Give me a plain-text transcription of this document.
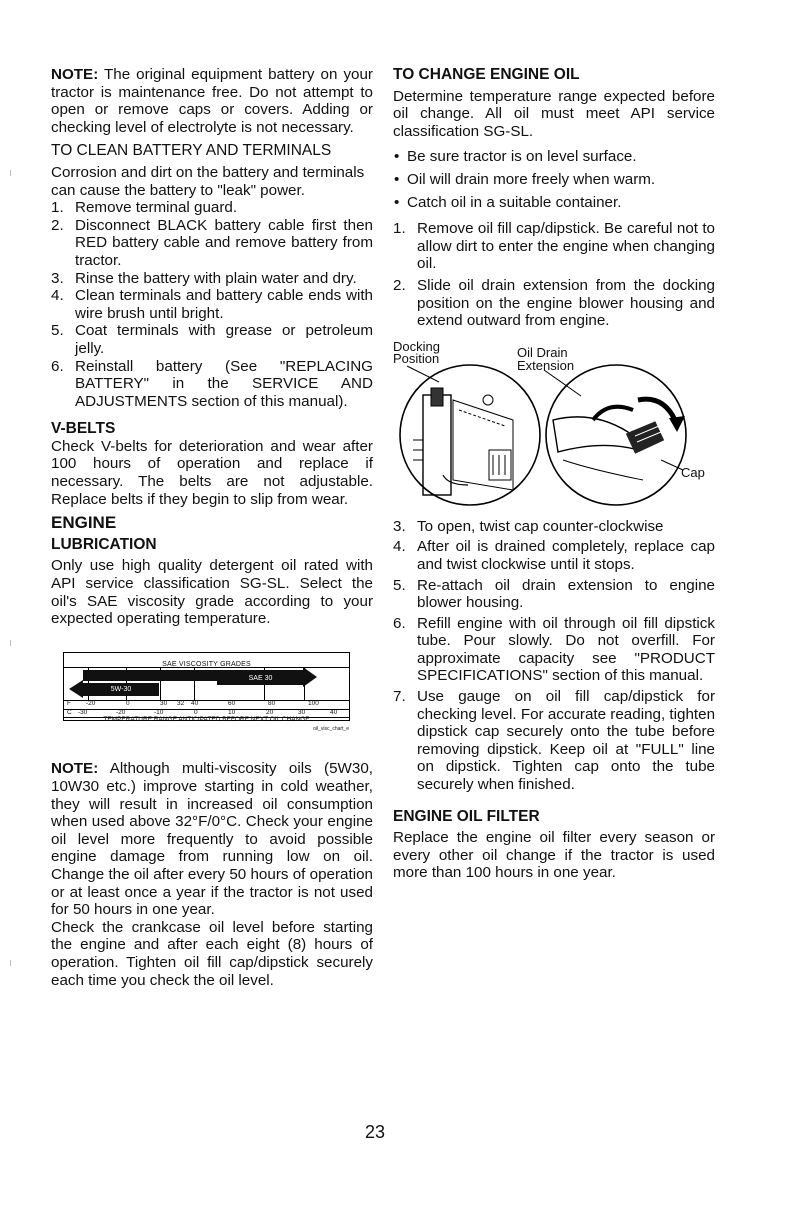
NOTE: The original equipment battery on your tractor is maintenance free. Do not attempt to open or remove caps or covers. Adding or checking level of electrolyte is not necessary.

TO CLEAN BATTERY AND TERMINALS

Corrosion and dirt on the battery and terminals can cause the battery to "leak" power.

1. Remove terminal guard.
2. Disconnect BLACK battery cable first then RED battery cable and remove battery from tractor.
3. Rinse the battery with plain water and dry.
4. Clean terminals and battery cable ends with wire brush until bright.
5. Coat terminals with grease or petroleum jelly.
6. Reinstall battery (See "REPLACING BATTERY" in the SERVICE AND ADJUSTMENTS section of this manual).

V-BELTS

Check V-belts for deterioration and wear after 100 hours of operation and replace if necessary. The belts are not adjustable. Replace belts if they begin to slip from wear.

ENGINE

LUBRICATION

Only use high quality detergent oil rated with API service classification SG-SL. Select the oil's SAE viscosity grade according to your expected operating temperature.

SAE VISCOSITY GRADES
5W-30
SAE 30
F -20	0	30 32 40	60	80	100
C -30	-20	-10	0	10	20	30	40
TEMPERATURE RANGE ANTICIPATED BEFORE NEXT OIL CHANGE
oil_visc_chart_e

NOTE: Although multi-viscosity oils (5W30, 10W30 etc.) improve starting in cold weather, they will result in increased oil consumption when used above 32°F/0°C. Check your engine oil level more frequently to avoid possible engine damage from running low on oil. Change the oil after every 50 hours of operation or at least once a year if the tractor is not used for 50 hours in one year.

Check the crankcase oil level before starting the engine and after each eight (8) hours of operation. Tighten oil fill cap/dipstick securely each time you check the oil level.

TO CHANGE ENGINE OIL

Determine temperature range expected before oil change. All oil must meet API service classification SG-SL.

• Be sure tractor is on level surface.
• Oil will drain more freely when warm.
• Catch oil in a suitable container.
1. Remove oil fill cap/dipstick. Be careful not to allow dirt to enter the engine when changing oil.
2. Slide oil drain extension from the docking position on the engine blower housing and extend outward from engine.
Docking
Position	Oil Drain
Extension
Cap
3. To open, twist cap counter-clockwise
4. After oil is drained completely, replace cap and twist clockwise until it stops.
5. Re-attach oil drain extension to engine blower housing.
6. Refill engine with oil through oil fill dipstick tube. Pour slowly. Do not overfill. For approximate capacity see "PRODUCT SPECIFICATIONS" section of this manual.
7. Use gauge on oil fill cap/dipstick for checking level. For accurate reading, tighten dipstick cap securely onto the tube before removing dipstick. Keep oil at "FULL" line on dipstick. Tighten cap onto the tube securely when finished.

ENGINE OIL FILTER

Replace the engine oil filter every season or every other oil change if the tractor is used more than 100 hours in one year.

23
